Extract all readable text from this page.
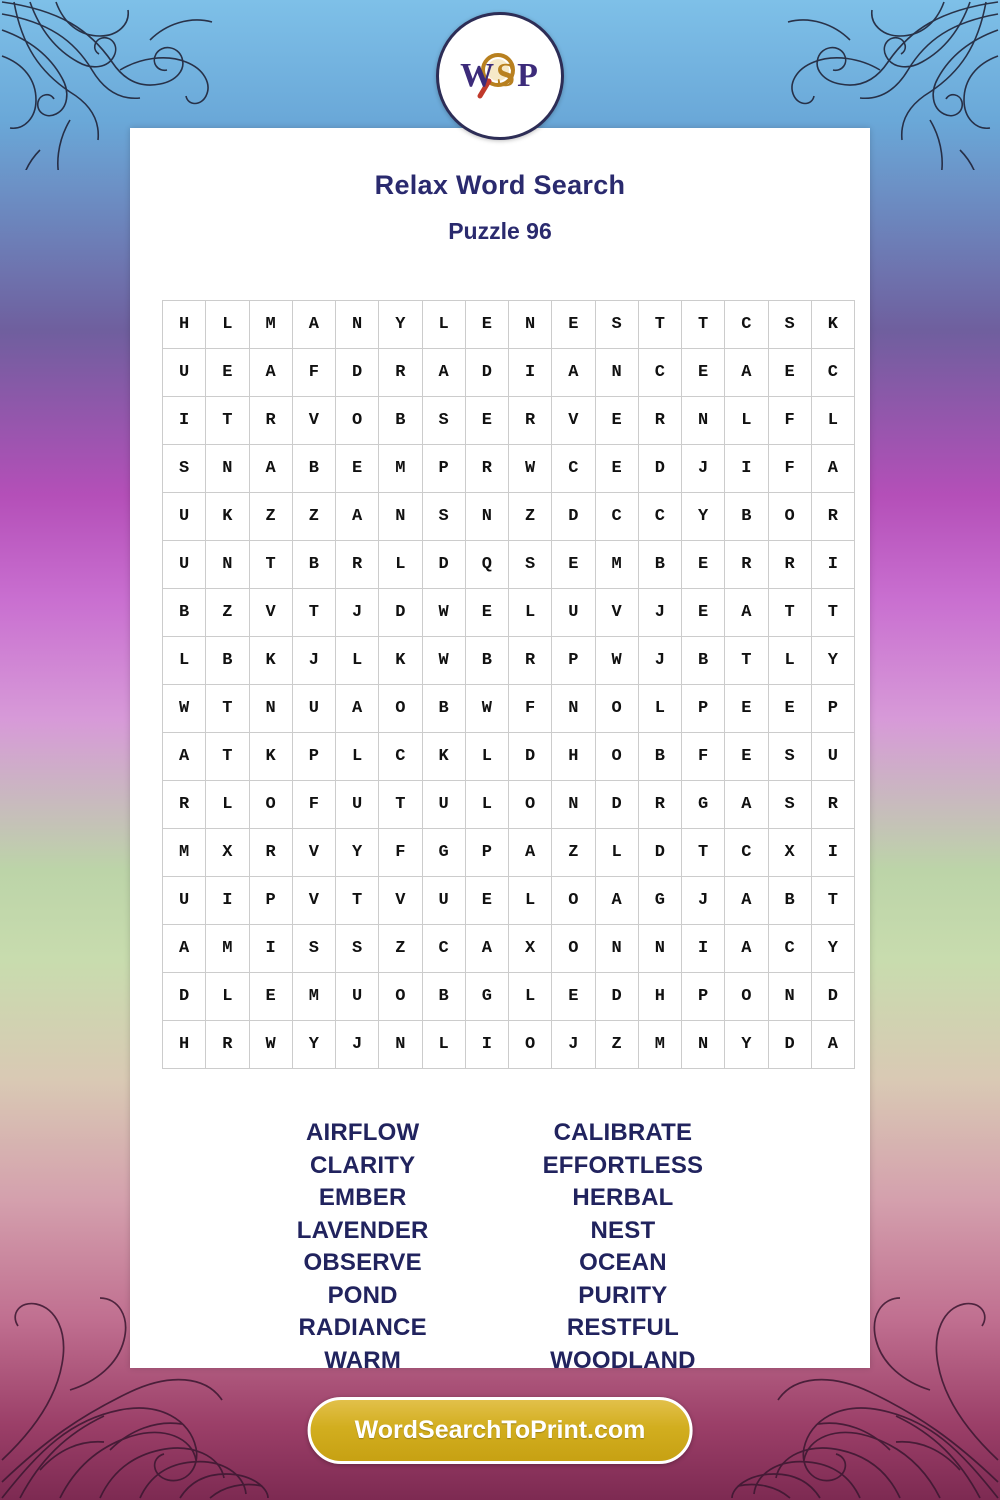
Relax Word Search
Puzzle 96
H	L	M	A	N	Y	L	E	N	E	S	T	T	C	S	K
U	E	A	F	D	R	A	D	I	A	N	C	E	A	E	C
I	T	R	V	O	B	S	E	R	V	E	R	N	L	F	L
S	N	A	B	E	M	P	R	W	C	E	D	J	I	F	A
U	K	Z	Z	A	N	S	N	Z	D	C	C	Y	B	O	R
U	N	T	B	R	L	D	Q	S	E	M	B	E	R	R	I
B	Z	V	T	J	D	W	E	L	U	V	J	E	A	T	T
L	B	K	J	L	K	W	B	R	P	W	J	B	T	L	Y
W	T	N	U	A	O	B	W	F	N	O	L	P	E	E	P
A	T	K	P	L	C	K	L	D	H	O	B	F	E	S	U
R	L	O	F	U	T	U	L	O	N	D	R	G	A	S	R
M	X	R	V	Y	F	G	P	A	Z	L	D	T	C	X	I
U	I	P	V	T	V	U	E	L	O	A	G	J	A	B	T
A	M	I	S	S	Z	C	A	X	O	N	N	I	A	C	Y
D	L	E	M	U	O	B	G	L	E	D	H	P	O	N	D
H	R	W	Y	J	N	L	I	O	J	Z	M	N	Y	D	A
AIRFLOW
CLARITY
EMBER
LAVENDER
OBSERVE
POND
RADIANCE
WARM
CALIBRATE
EFFORTLESS
HERBAL
NEST
OCEAN
PURITY
RESTFUL
WOODLAND
WSP
WordSearchToPrint.com
